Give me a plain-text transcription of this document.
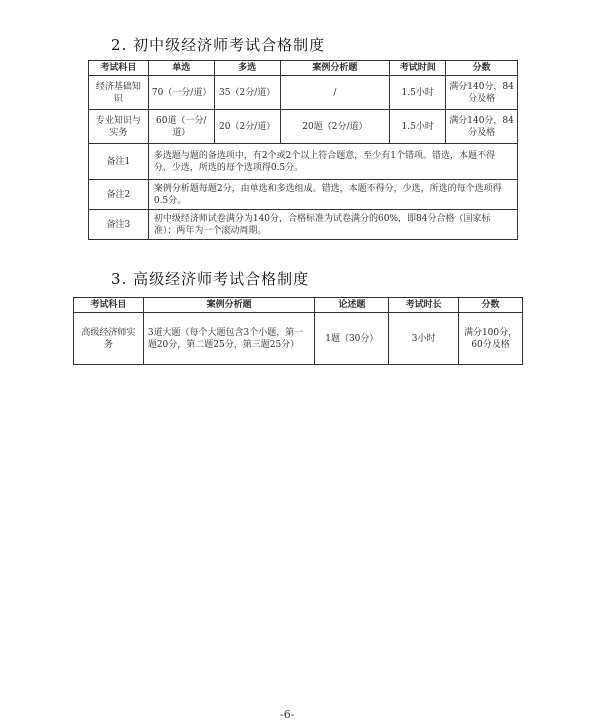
2. 初中级经济师考试合格制度
考试科目	单选	多选	案例分析题	考试时间	分数
经济基础知识	70（一分/道）	35（2分/道）	/	1.5小时	满分140分，84分及格
专业知识与实务	60道（一分/道）	20（2分/道）	20题（2分/道）	1.5小时	满分140分，84分及格
备注1	多选题与题的备选项中，有2个或2个以上符合题意，至少有1个错项。错选，本题不得分，少选，所选的每个选项得0.5分。				
备注2	案例分析题每题2分，由单选和多选组成。错选，本题不得分，少选，所选的每个选项得0.5分。				
备注3	初中级经济师试卷满分为140分，合格标准为试卷满分的60%，即84分合格（国家标准）；两年为一个滚动周期。				
3. 高级经济师考试合格制度
考试科目	案例分析题	论述题	考试时长	分数
高级经济师实务	3道大题（每个大题包含3个小题，第一题20分，第二题25分，第三题25分）	1题（30分）	3小时	满分100分，60分及格
-6-
